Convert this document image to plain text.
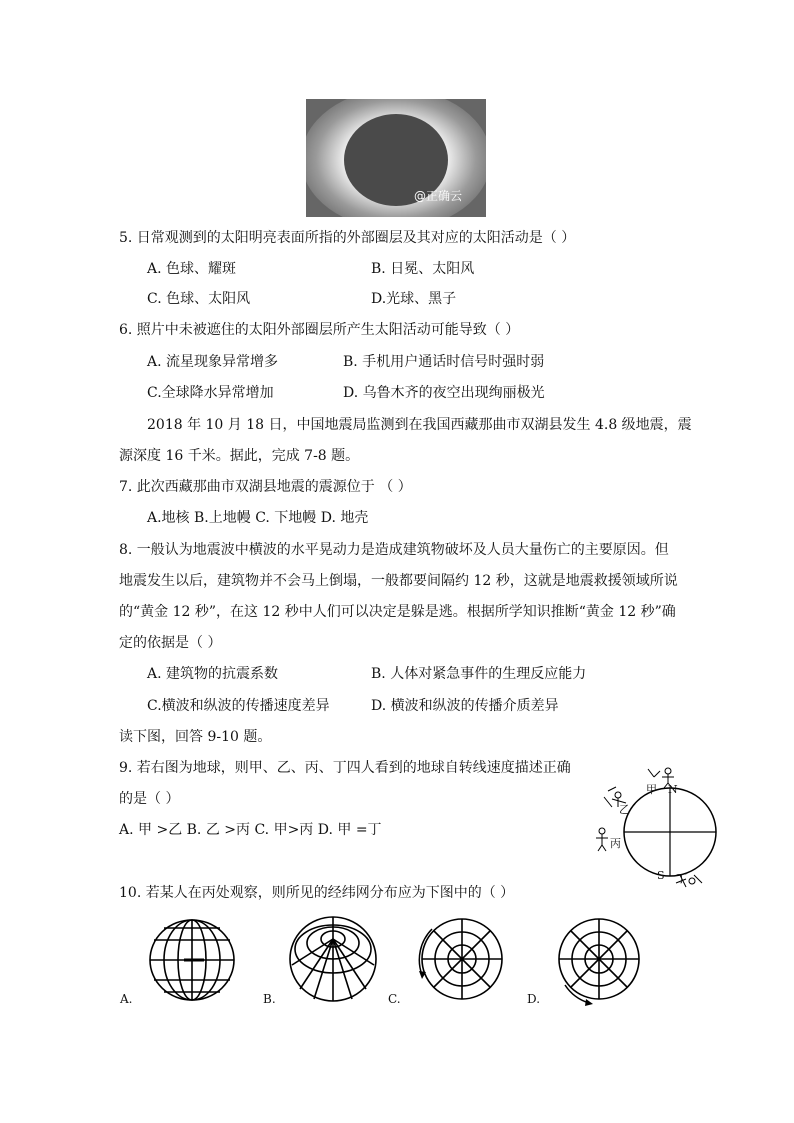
@正确云
5. 日常观测到的太阳明亮表面所指的外部圈层及其对应的太阳活动是（ ）
A. 色球、耀斑	B. 日冕、太阳风
C. 色球、太阳风	D.光球、黑子
6. 照片中未被遮住的太阳外部圈层所产生太阳活动可能导致（ ）
A. 流星现象异常增多	B. 手机用户通话时信号时强时弱
C.全球降水异常增加	D. 乌鲁木齐的夜空出现绚丽极光
2018 年 10 月 18 日，中国地震局监测到在我国西藏那曲市双湖县发生 4.8 级地震，震
源深度 16 千米。据此，完成 7-8 题。
7. 此次西藏那曲市双湖县地震的震源位于 （ ）
A.地核 B.上地幔 C. 下地幔 D. 地壳
8. 一般认为地震波中横波的水平晃动力是造成建筑物破坏及人员大量伤亡的主要原因。但
地震发生以后，建筑物并不会马上倒塌，一般都要间隔约 12 秒，这就是地震救援领域所说
的“黄金 12 秒”，在这 12 秒中人们可以决定是躲是逃。根据所学知识推断“黄金 12 秒”确
定的依据是（ ）
A. 建筑物的抗震系数	B. 人体对紧急事件的生理反应能力
C.横波和纵波的传播速度差异	D. 横波和纵波的传播介质差异
读下图，回答 9-10 题。
9. 若右图为地球，则甲、乙、丙、丁四人看到的地球自转线速度描述正确
的是（ ）
A. 甲 >乙 B. 乙 >丙 C. 甲>丙 D. 甲 =丁
甲 N
乙
丙
S 丁
10. 若某人在丙处观察，则所见的经纬网分布应为下图中的（ ）
A.	B.	C.	D.
